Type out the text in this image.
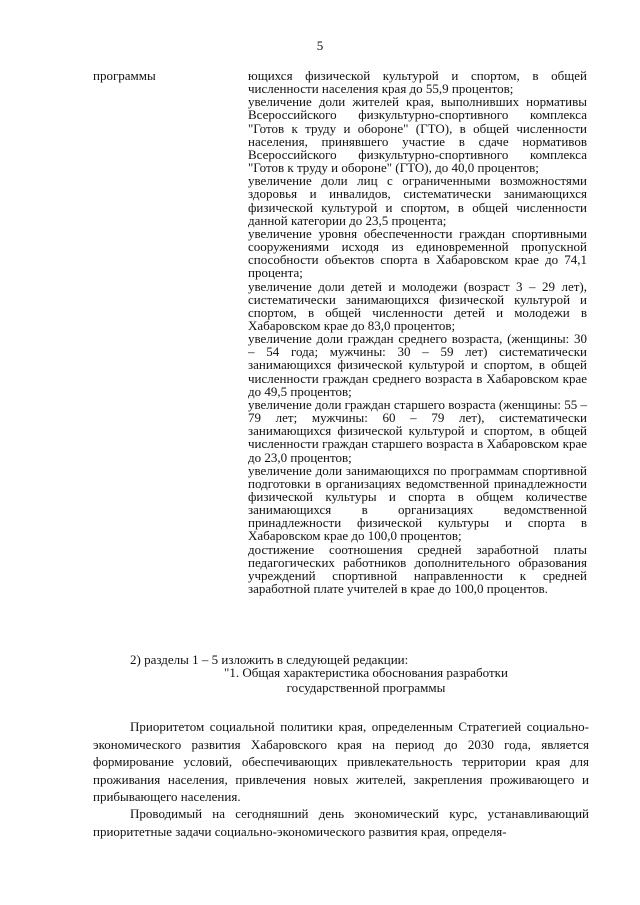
5
программы	ющихся физической культурой и спортом, в общей численности населения края до 55,9 процентов;

увеличение доли жителей края, выполнивших нормативы Всероссийского физкультурно-спортивного комплекса "Готов к труду и обороне" (ГТО), в общей численности населения, принявшего участие в сдаче нормативов Всероссийского физкультурно-спортивного комплекса "Готов к труду и обороне" (ГТО), до 40,0 процентов;

увеличение доли лиц с ограниченными возможностями здоровья и инвалидов, систематически занимающихся физической культурой и спортом, в общей численности данной категории до 23,5 процента;

увеличение уровня обеспеченности граждан спортивными сооружениями исходя из единовременной пропускной способности объектов спорта в Хабаровском крае до 74,1 процента;

увеличение доли детей и молодежи (возраст 3 – 29 лет), систематически занимающихся физической культурой и спортом, в общей численности детей и молодежи в Хабаровском крае до 83,0 процентов;

увеличение доли граждан среднего возраста, (женщины: 30 – 54 года; мужчины: 30 – 59 лет) систематически занимающихся физической культурой и спортом, в общей численности граждан среднего возраста в Хабаровском крае до 49,5 процентов;

увеличение доли граждан старшего возраста (женщины: 55 – 79 лет; мужчины: 60 – 79 лет), систематически занимающихся физической культурой и спортом, в общей численности граждан старшего возраста в Хабаровском крае до 23,0 процентов;

увеличение доли занимающихся по программам спортивной подготовки в организациях ведомственной принадлежности физической культуры и спорта в общем количестве занимающихся в организациях ведомственной принадлежности физической культуры и спорта в Хабаровском крае до 100,0 процентов;

достижение соотношения средней заработной платы педагогических работников дополнительного образования учреждений спортивной направленности к средней заработной плате учителей в крае до 100,0 процентов.

2) разделы 1 – 5 изложить в следующей редакции:

"1. Общая характеристика обоснования разработки государственной программы

Приоритетом социальной политики края, определенным Стратегией социально-экономического развития Хабаровского края на период до 2030 года, является формирование условий, обеспечивающих привлекательность территории края для проживания населения, привлечения новых жителей, закрепления проживающего и прибывающего населения.

Проводимый на сегодняшний день экономический курс, устанавливающий приоритетные задачи социально-экономического развития края, определя-
